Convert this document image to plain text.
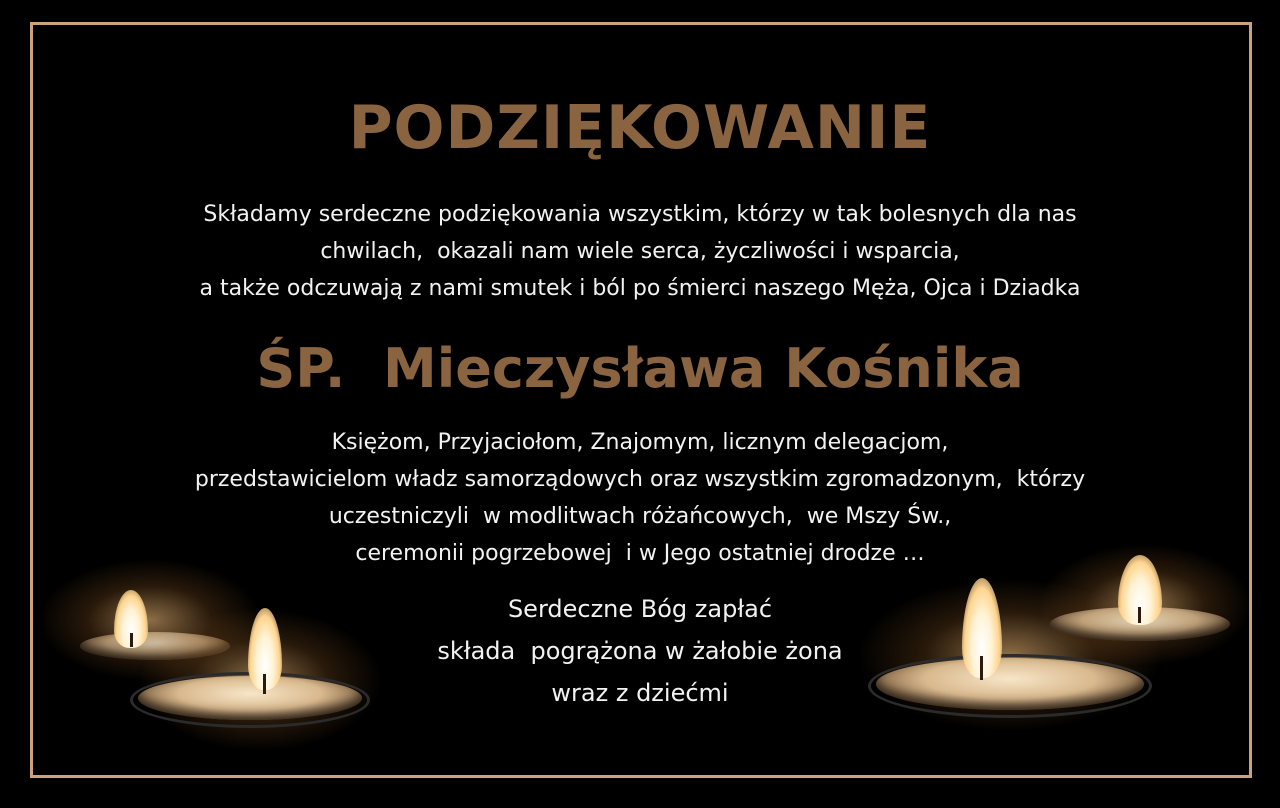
PODZIĘKOWANIE
Składamy serdeczne podziękowania wszystkim, którzy w tak bolesnych dla nas
chwilach,  okazali nam wiele serca, życzliwości i wsparcia,
a także odczuwają z nami smutek i ból po śmierci naszego Męża, Ojca i Dziadka
ŚP.  Mieczysława Kośnika
Księżom, Przyjaciołom, Znajomym, licznym delegacjom,
przedstawicielom władz samorządowych oraz wszystkim zgromadzonym,  którzy
uczestniczyli  w modlitwach różańcowych,  we Mszy Św.,
ceremonii pogrzebowej  i w Jego ostatniej drodze …
Serdeczne Bóg zapłać
składa  pogrążona w żałobie żona
wraz z dziećmi
